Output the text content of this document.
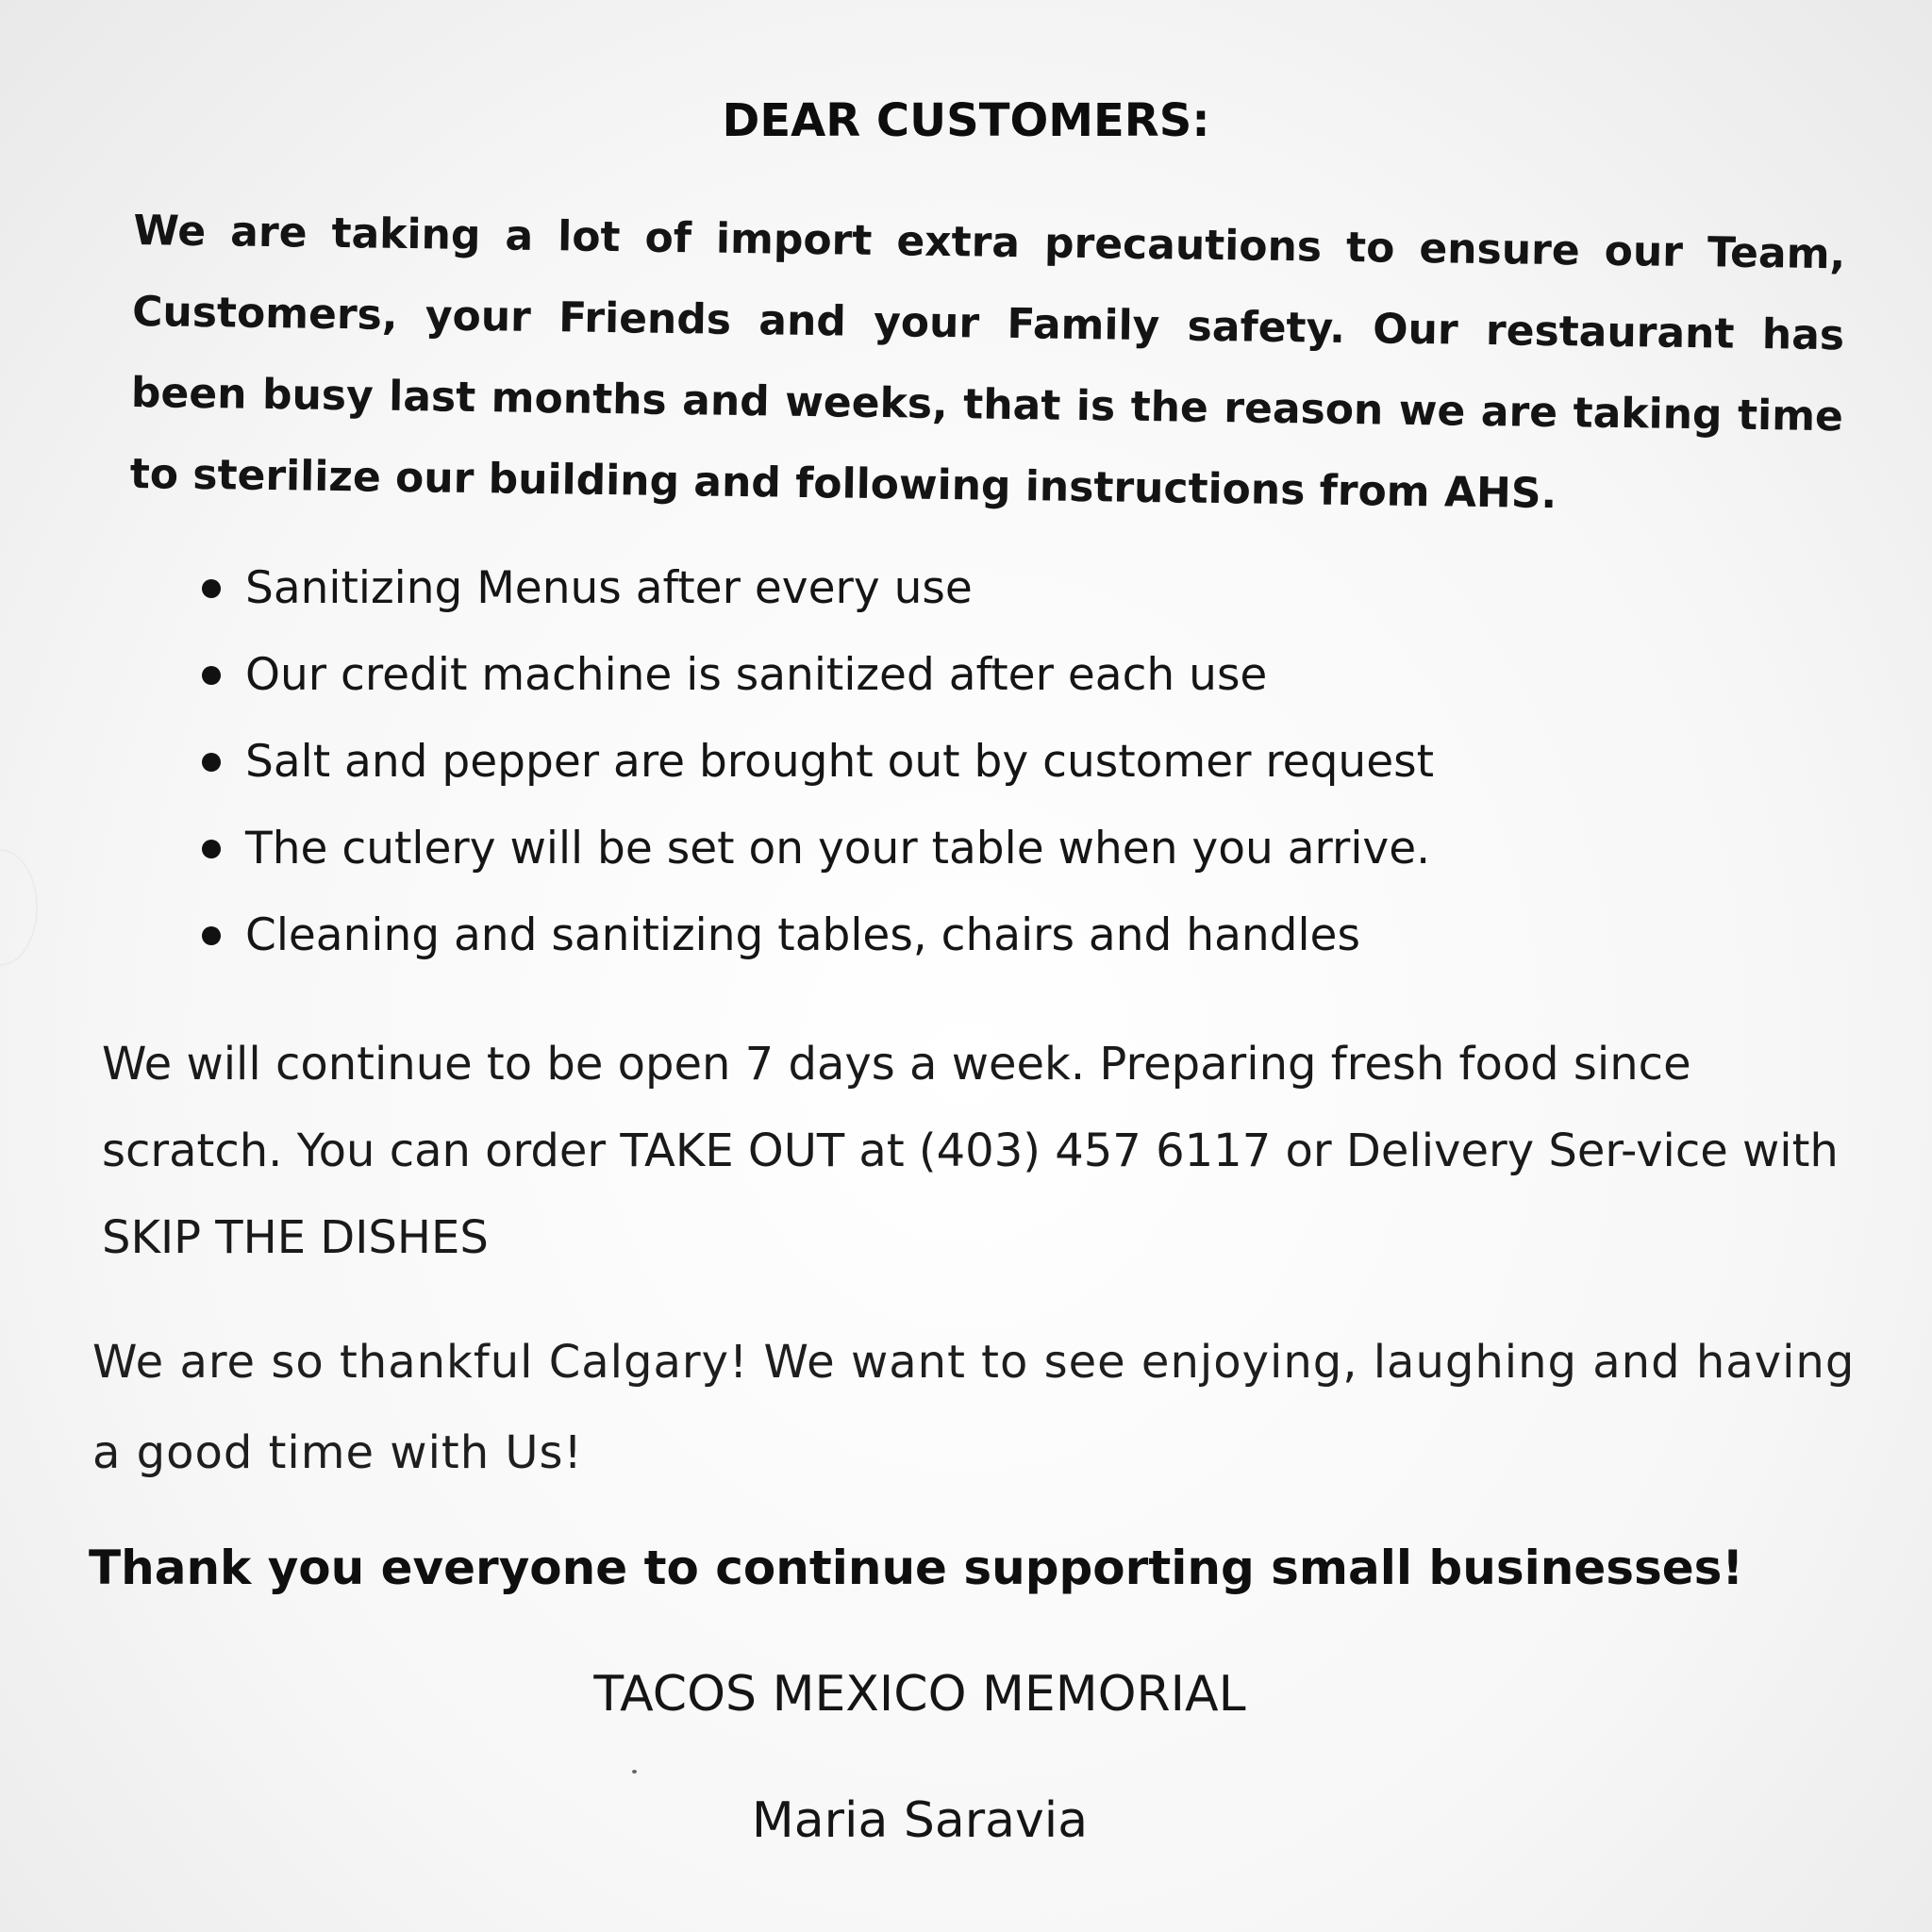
DEAR CUSTOMERS:

We are taking a lot of import extra precautions to ensure our Team, Customers, your Friends and your Family safety. Our restaurant has been busy last months and weeks, that is the reason we are taking time to sterilize our building and following instructions from AHS.

Sanitizing Menus after every use
Our credit machine is sanitized after each use
Salt and pepper are brought out by customer request
The cutlery will be set on your table when you arrive.
Cleaning and sanitizing tables, chairs and handles

We will continue to be open 7 days a week. Preparing fresh food since scratch. You can order TAKE OUT at (403) 457 6117 or Delivery Ser-vice with SKIP THE DISHES

We are so thankful Calgary! We want to see enjoying, laughing and having a good time with Us!

Thank you everyone to continue supporting small businesses!

TACOS MEXICO MEMORIAL

Maria Saravia
